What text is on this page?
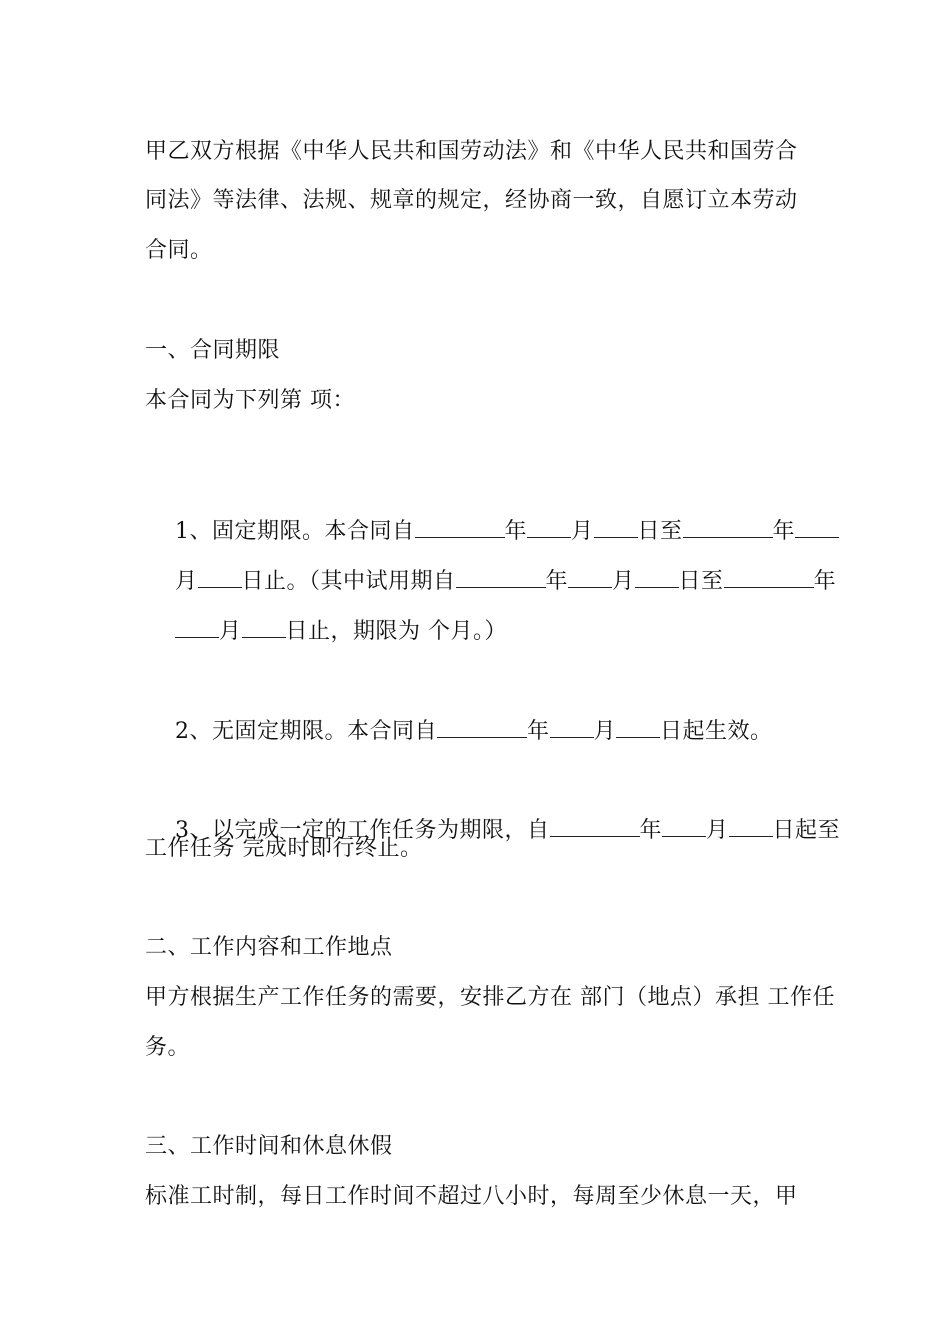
甲乙双方根据《中华人民共和国劳动法》和《中华人民共和国劳合
同法》等法律、法规、规章的规定，经协商一致，自愿订立本劳动
合同。
一、合同期限
本合同为下列第 项：

1、固定期限。本合同自	年 月 日至	年

月 日止。（其中试用期自	年 月 日至	年

月 日止，期限为 个月。）

2、无固定期限。本合同自	年 月 日起生效。

3、以完成一定的工作任务为期限，自	年 月 日起至

工作任务 完成时即行终止。
二、工作内容和工作地点
甲方根据生产工作任务的需要，安排乙方在 部门（地点）承担 工作任
务。
三、工作时间和休息休假
标准工时制，每日工作时间不超过八小时，每周至少休息一天，甲
